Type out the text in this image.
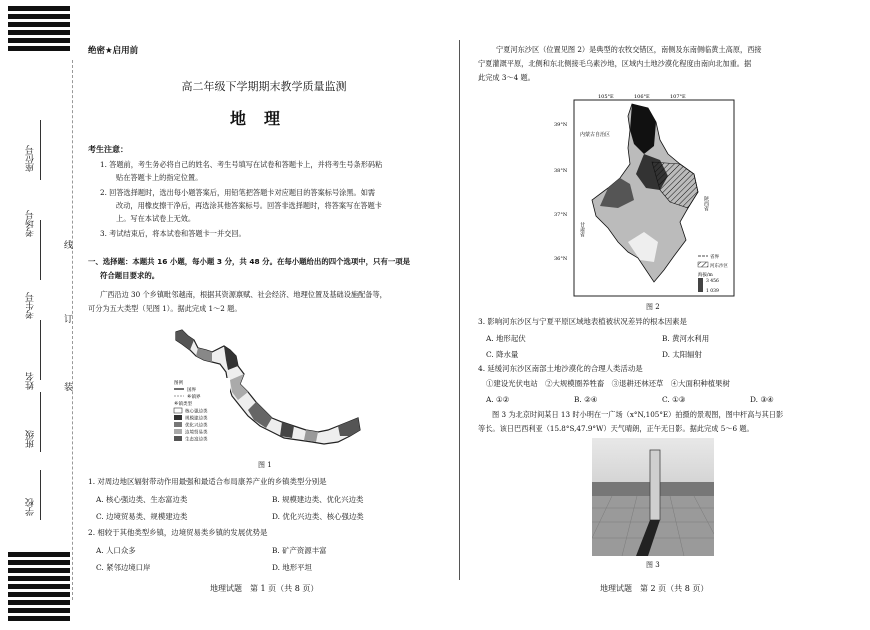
座位号
考场号
考生号
姓名
班级
学校
线
订
装
绝密★启用前
高二年级下学期期末教学质量监测
地理
考生注意：
1. 答题前，考生务必将自己的姓名、考生号填写在试卷和答题卡上，并将考生号条形码粘
贴在答题卡上的指定位置。
2. 回答选择题时，选出每小题答案后，用铅笔把答题卡对应题目的答案标号涂黑。如需
改动，用橡皮擦干净后，再选涂其他答案标号。回答非选择题时，将答案写在答题卡
上。写在本试卷上无效。
3. 考试结束后，将本试卷和答题卡一并交回。
一、选择题：本题共 16 小题，每小题 3 分，共 48 分。在每小题给出的四个选项中，只有一项是
符合题目要求的。
广西沿边 30 个乡镇毗邻越南，根据其资源禀赋、社会经济、地理位置及基础设施配备等，
可分为五大类型（见图 1）。据此完成 1～2 题。
图例
国界
乡镇界
乡镇类型
核心强边类
规模建边类
优化兴边类
边境贸易类
生态富边类
图 1
1. 对周边地区辐射带动作用最强和最适合布局康养产业的乡镇类型分别是
A. 核心强边类、生态富边类	B. 规模建边类、优化兴边类
C. 边境贸易类、规模建边类	D. 优化兴边类、核心强边类
2. 相较于其他类型乡镇，边境贸易类乡镇的发展优势是
A. 人口众多	B. 矿产资源丰富
C. 紧邻边境口岸	D. 地形平坦
地理试题　第 1 页（共 8 页）
宁夏河东沙区（位置见图 2）是典型的农牧交错区，南侧及东南侧临黄土高原，西接
宁夏灌溉平原，北侧和东北侧接毛乌素沙地，区域内土地沙漠化程度由南向北加重。据
此完成 3～4 题。
105°E	106°E	107°E
39°N
38°N
37°N
36°N
内蒙古自治区
陕西省
甘肃省
省界
河东沙区
海拔/m
3 456
1 039
图 2
3. 影响河东沙区与宁夏平原区域地表植被状况差异的根本因素是
A. 地形起伏	B. 黄河水利用
C. 降水量	D. 太阳辐射
4. 延缓河东沙区南部土地沙漠化的合理人类活动是
①建设光伏电站　②大规模圈养牲畜　③退耕还林还草　④大面积种植果树
A. ①②	B. ②④	C. ①③	D. ③④
图 3 为北京时间某日 13 时小明在一广场（x°N,105°E）拍摄的景观图，图中杆高与其日影
等长。该日巴西利亚（15.8°S,47.9°W）天气晴朗，正午无日影。据此完成 5～6 题。
图 3
地理试题　第 2 页（共 8 页）
